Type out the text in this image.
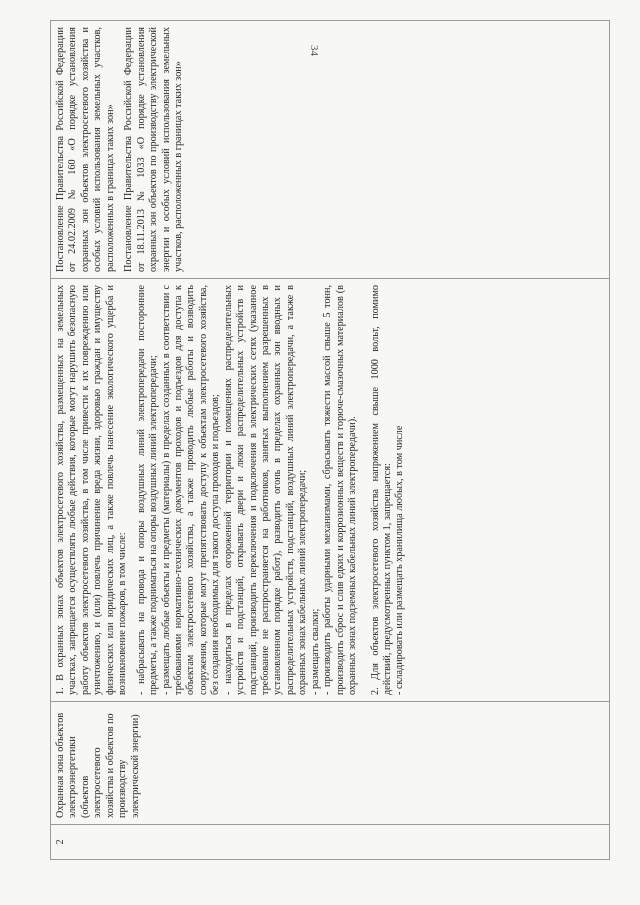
34
2	Охранная зона объектов электроэнергетики (объектов электросетевого хозяйства и объектов по производству электрической энергии)	

1. В охранных зонах объектов электросетевого хозяйства, размещенных на земельных участках, запрещается осуществлять любые действия, которые могут нарушить безопасную работу объектов электросетевого хозяйства, в том числе привести к их повреждению или уничтожению, и (или) повлечь причинение вреда жизни, здоровью граждан и имуществу физических или юридических лиц, а также повлечь нанесение экологического ущерба и возникновение пожаров, в том числе: - набрасывать на провода и опоры воздушных линий электропередачи посторонние предметы, а также подниматься на опоры воздушных линий электропередачи; - размещать любые объекты и предметы (материалы) в пределах созданных в соответствии с требованиями нормативно-технических документов проходов и подъездов для доступа к объектам электросетевого хозяйства, а также проводить любые работы и возводить сооружения, которые могут препятствовать доступу к объектам электросетевого хозяйства, без создания необходимых для такого доступа проходов и подъездов; - находиться в пределах огороженной территории и помещениях распределительных устройств и подстанций, открывать двери и люки распределительных устройств и подстанций, производить переключения и подключения в электрических сетях (указанное требование не распространяется на работников, занятых выполнением разрешенных в установленном порядке работ), разводить огонь в пределах охранных зон вводных и распределительных устройств, подстанций, воздушных линий электропередачи, а также в охранных зонах кабельных линий электропередачи; - размещать свалки; - производить работы ударными механизмами, сбрасывать тяжести массой свыше 5 тонн, производить сброс и слив едких и коррозионных веществ и горюче-смазочных материалов (в охранных зонах подземных кабельных линий электропередачи). 2. Для объектов электросетевого хозяйства напряжением свыше 1000 вольт, помимо действий, предусмотренных пунктом 1, запрещается: - складировать или размещать хранилища любых, в том числе

Постановление Правительства Российской Федерации от 24.02.2009 № 160 «О порядке установления охранных зон объектов электросетевого хозяйства и особых условий использования земельных участков, расположенных в границах таких зон» Постановление Правительства Российской Федерации от 18.11.2013 № 1033 «О порядке установления охранных зон объектов по производству электрической энергии и особых условий использования земельных участков, расположенных в границах таких зон»
